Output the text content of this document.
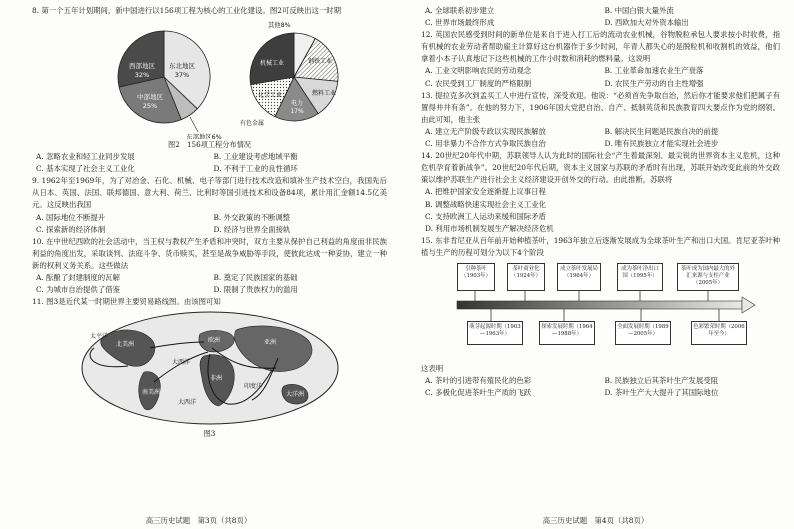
8. 第一个五年计划期间，新中国进行以156项工程为核心的工业化建设。图2可反映出这一时期
东北地区
37%
西部地区
32%
中部地区
25%
东部地区6%
其他8%
钢铁工业
机械工业
燃料工业
电力
17%
化学工业
有色金属
图2　156项工程分布情况
A. 忽略农业和轻工业同步发展	B. 工业建设考虑地域平衡
C. 基本实现了社会主义工业化	D. 不利于工业的良性循环
9. 1962年至1969年，为了对冶金、石化、机械、电子等部门进行技术改造和填补生产技术空白，我国先后从日本、英国、法国、联邦德国、意大利、荷兰、比利时等国引进技术和设备84项，累计用汇金额14.5亿美元。这反映出我国
A. 国际地位不断提升	B. 外交政策的不断调整
C. 探索新的经济体制	D. 经济与世界全面接轨
10. 在中世纪西欧的社会活动中，当王权与教权产生矛盾和冲突时，双方主要从保护自己利益的角度而非民族利益的角度出发，采取谈判、法庭斗争、货币赎买，甚至是战争威胁等手段，使彼此达成一种妥协，建立一种新的权利义务关系。这些做法
A. 酝酿了封建制度的瓦解	B. 奠定了民族国家的基础
C. 为城市自治提供了借鉴	D. 限制了贵族权力的滥用
11. 图3是近代某一时期世界主要贸易路线图。由该图可知
太平洋
北美洲
南美洲
非洲
亚洲
欧洲
大洋洲
印度洋
大西洋
大西洋
图3
高三历史试题　第3页（共8页）
A. 全球联系初步建立	B. 中国白银大量外流
C. 世界市场最终形成	D. 西欧加大对外资本输出
12. 英国农民感受到时间的新单位是来自于进入打工后的流动农业机械，谷物脱粒承包人要求按小时收费，指有机械的农业劳动者帮助雇主计算好这台机器作于多少时间，年青人都失心的是脱粒机和收割机的效益，他们拿着小本子认真地记下这些机械的工作小时数和消耗的燃料量。这说明
A. 工业文明影响农民的劳动观念	B. 工业革命加速农业生产衰落
C. 农民受到工厂制度的严格限制	D. 农民生产劳动的自主性增强
13. 提拉克多次到孟买工人中进行宣传，深受欢迎。他说：“必须首先争取自治，然后你才能要求他们把属子有置得井井有条”。在他的努力下，1906年国大党把自治、自产、抵制英货和民族教育四大要点作为党的纲领。由此可知，他主张
A. 建立无产阶级专政以实现民族解放	B. 解决民生问题是民族自决的前提
C. 用非暴力不合作方式争取民族自治	D. 唯有民族独立才能实现社会进步
14. 20世纪20年代中期，苏联领导人认为此时的国际社会“产生着最深刻、最尖锐的世界资本主义危机，这种危机孕育着新战争”。20世纪20年代后期，资本主义国家与苏联的矛盾时有出现，苏联开始改变此前的外交政策以维护苏联生产进行社会主义经济建设开创外交的行动。由此推断，苏联将
A. 把维护国家安全逐渐提上议事日程
B. 调整战略快速实现社会主义工业化
C. 支持欧洲工人运动来缓和国际矛盾
D. 利用市场机制发展生产解决经济危机
15. 东非肯尼亚从百年前开始种植茶叶，1963年独立后逐渐发展成为全球茶叶生产和出口大国。肯尼亚茶叶种植与生产的历程可划分为以下4个阶段
引种茶叶（1903年）
茶叶商业化（1924年）
成立茶叶发展局（1964年）
成为茶叶净出口国（1995年）
茶叶成为国内最大的外汇来源与支柱产业（2005年）
萌芽起源时期（1903—1963年）
探索发展时期（1964—1988年）
全面发展时期（1989—2005年）
色彩繁荣时期（2006年至今）
这表明
A. 茶叶的引进带有殖民化的色彩	B. 民族独立后其茶叶生产发展受阻
C. 多极化促进茶叶生产质的飞跃	D. 茶叶生产大大提升了其国际地位
高三历史试题　第4页（共8页）
